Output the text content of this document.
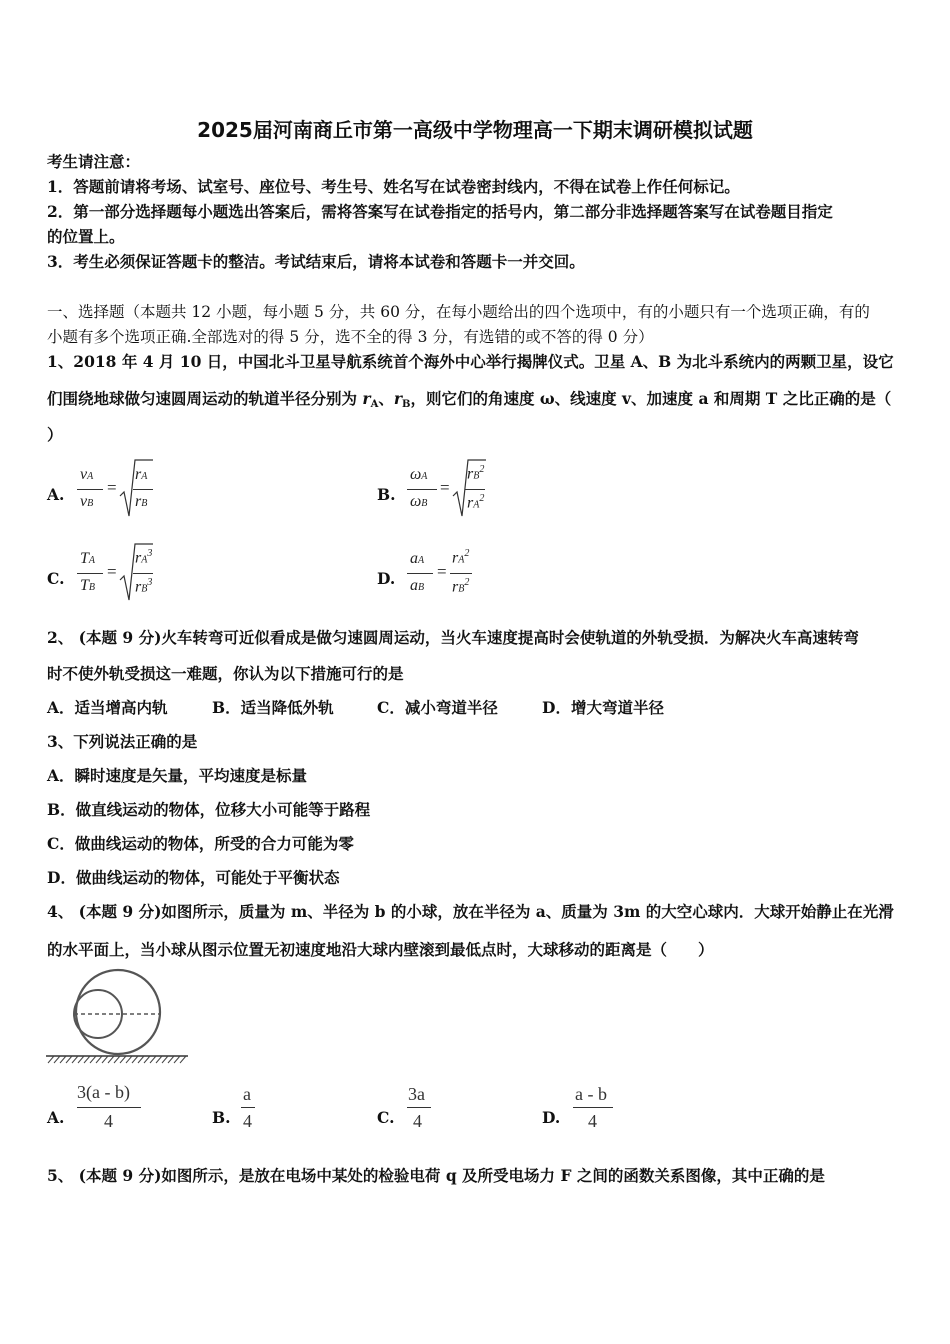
2025届河南商丘市第一高级中学物理高一下期末调研模拟试题
考生请注意：
1．答题前请将考场、试室号、座位号、考生号、姓名写在试卷密封线内，不得在试卷上作任何标记。
2．第一部分选择题每小题选出答案后，需将答案写在试卷指定的括号内，第二部分非选择题答案写在试卷题目指定
的位置上。
3．考生必须保证答题卡的整洁。考试结束后，请将本试卷和答题卡一并交回。
一、选择题（本题共 12 小题，每小题 5 分，共 60 分，在每小题给出的四个选项中，有的小题只有一个选项正确，有的
小题有多个选项正确.全部选对的得 5 分，选不全的得 3 分，有选错的或不答的得 0 分）
1、2018 年 4 月 10 日，中国北斗卫星导航系统首个海外中心举行揭牌仪式。卫星 A、B 为北斗系统内的两颗卫星，设它
们围绕地球做匀速圆周运动的轨道半径分别为 $r_A$、$r_B$，则它们的角速度 ω、线速度 v、加速度 a 和周期 T 之比正确的是（
）
A.
vA
vB
=
rA
rB	B.
ωA
ωB
=
$rB^2$
$rA^2$
C.
TA
TB
=
$rA^3$
$rB^3$	D.
aA
aB
=
$rA^2$
$rB^2$
2、 (本题 9 分)火车转弯可近似看成是做匀速圆周运动，当火车速度提高时会使轨道的外轨受损．为解决火车高速转弯
时不使外轨受损这一难题，你认为以下措施可行的是
A．适当增高内轨	B．适当降低外轨	C．减小弯道半径	D．增大弯道半径
3、下列说法正确的是
A．瞬时速度是矢量，平均速度是标量
B．做直线运动的物体，位移大小可能等于路程
C．做曲线运动的物体，所受的合力可能为零
D．做曲线运动的物体，可能处于平衡状态
4、 (本题 9 分)如图所示，质量为 m、半径为 b 的小球，放在半径为 a、质量为 3m 的大空心球内．大球开始静止在光滑
的水平面上，当小球从图示位置无初速度地沿大球内壁滚到最低点时，大球移动的距离是（　　）
A.
3(a - b)
4	B.
a
4	C.
3a
4	D.
a - b
4
5、 (本题 9 分)如图所示，是放在电场中某处的检验电荷 q 及所受电场力 F 之间的函数关系图像，其中正确的是
